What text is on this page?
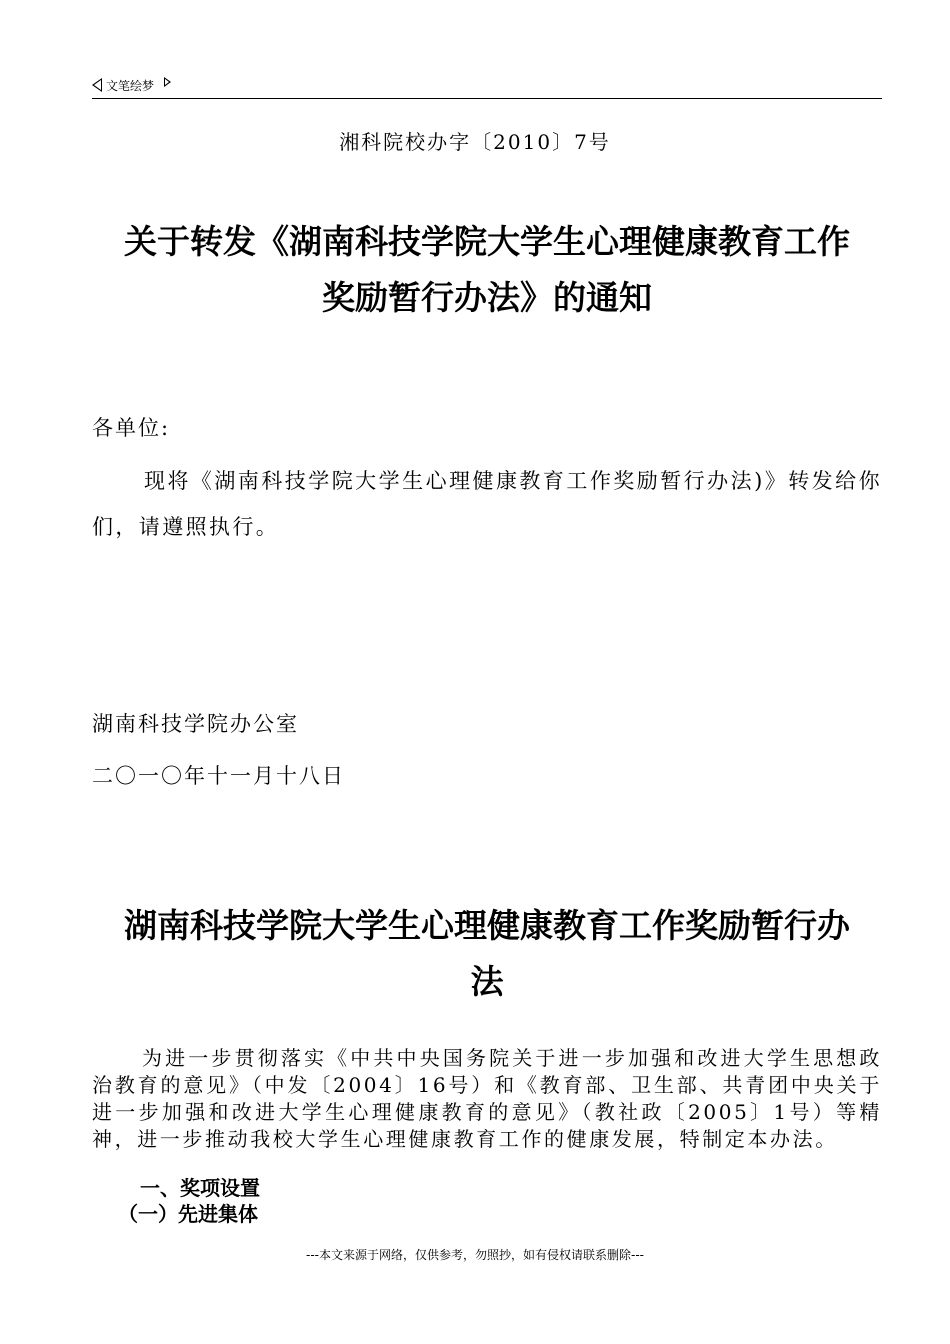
文笔绘梦
湘科院校办字〔2010〕7号
关于转发《湖南科技学院大学生心理健康教育工作
奖励暂行办法》的通知
各单位:
现将《湖南科技学院大学生心理健康教育工作奖励暂行办法)》转发给你们，请遵照执行。
湖南科技学院办公室
二〇一〇年十一月十八日
湖南科技学院大学生心理健康教育工作奖励暂行办
法
为进一步贯彻落实《中共中央国务院关于进一步加强和改进大学生思想政治教育的意见》（中发〔2004〕16号）和《教育部、卫生部、共青团中央关于进一步加强和改进大学生心理健康教育的意见》（教社政〔2005〕1号）等精神，进一步推动我校大学生心理健康教育工作的健康发展，特制定本办法。
一、奖项设置
（一）先进集体
---本文来源于网络，仅供参考，勿照抄，如有侵权请联系删除---
